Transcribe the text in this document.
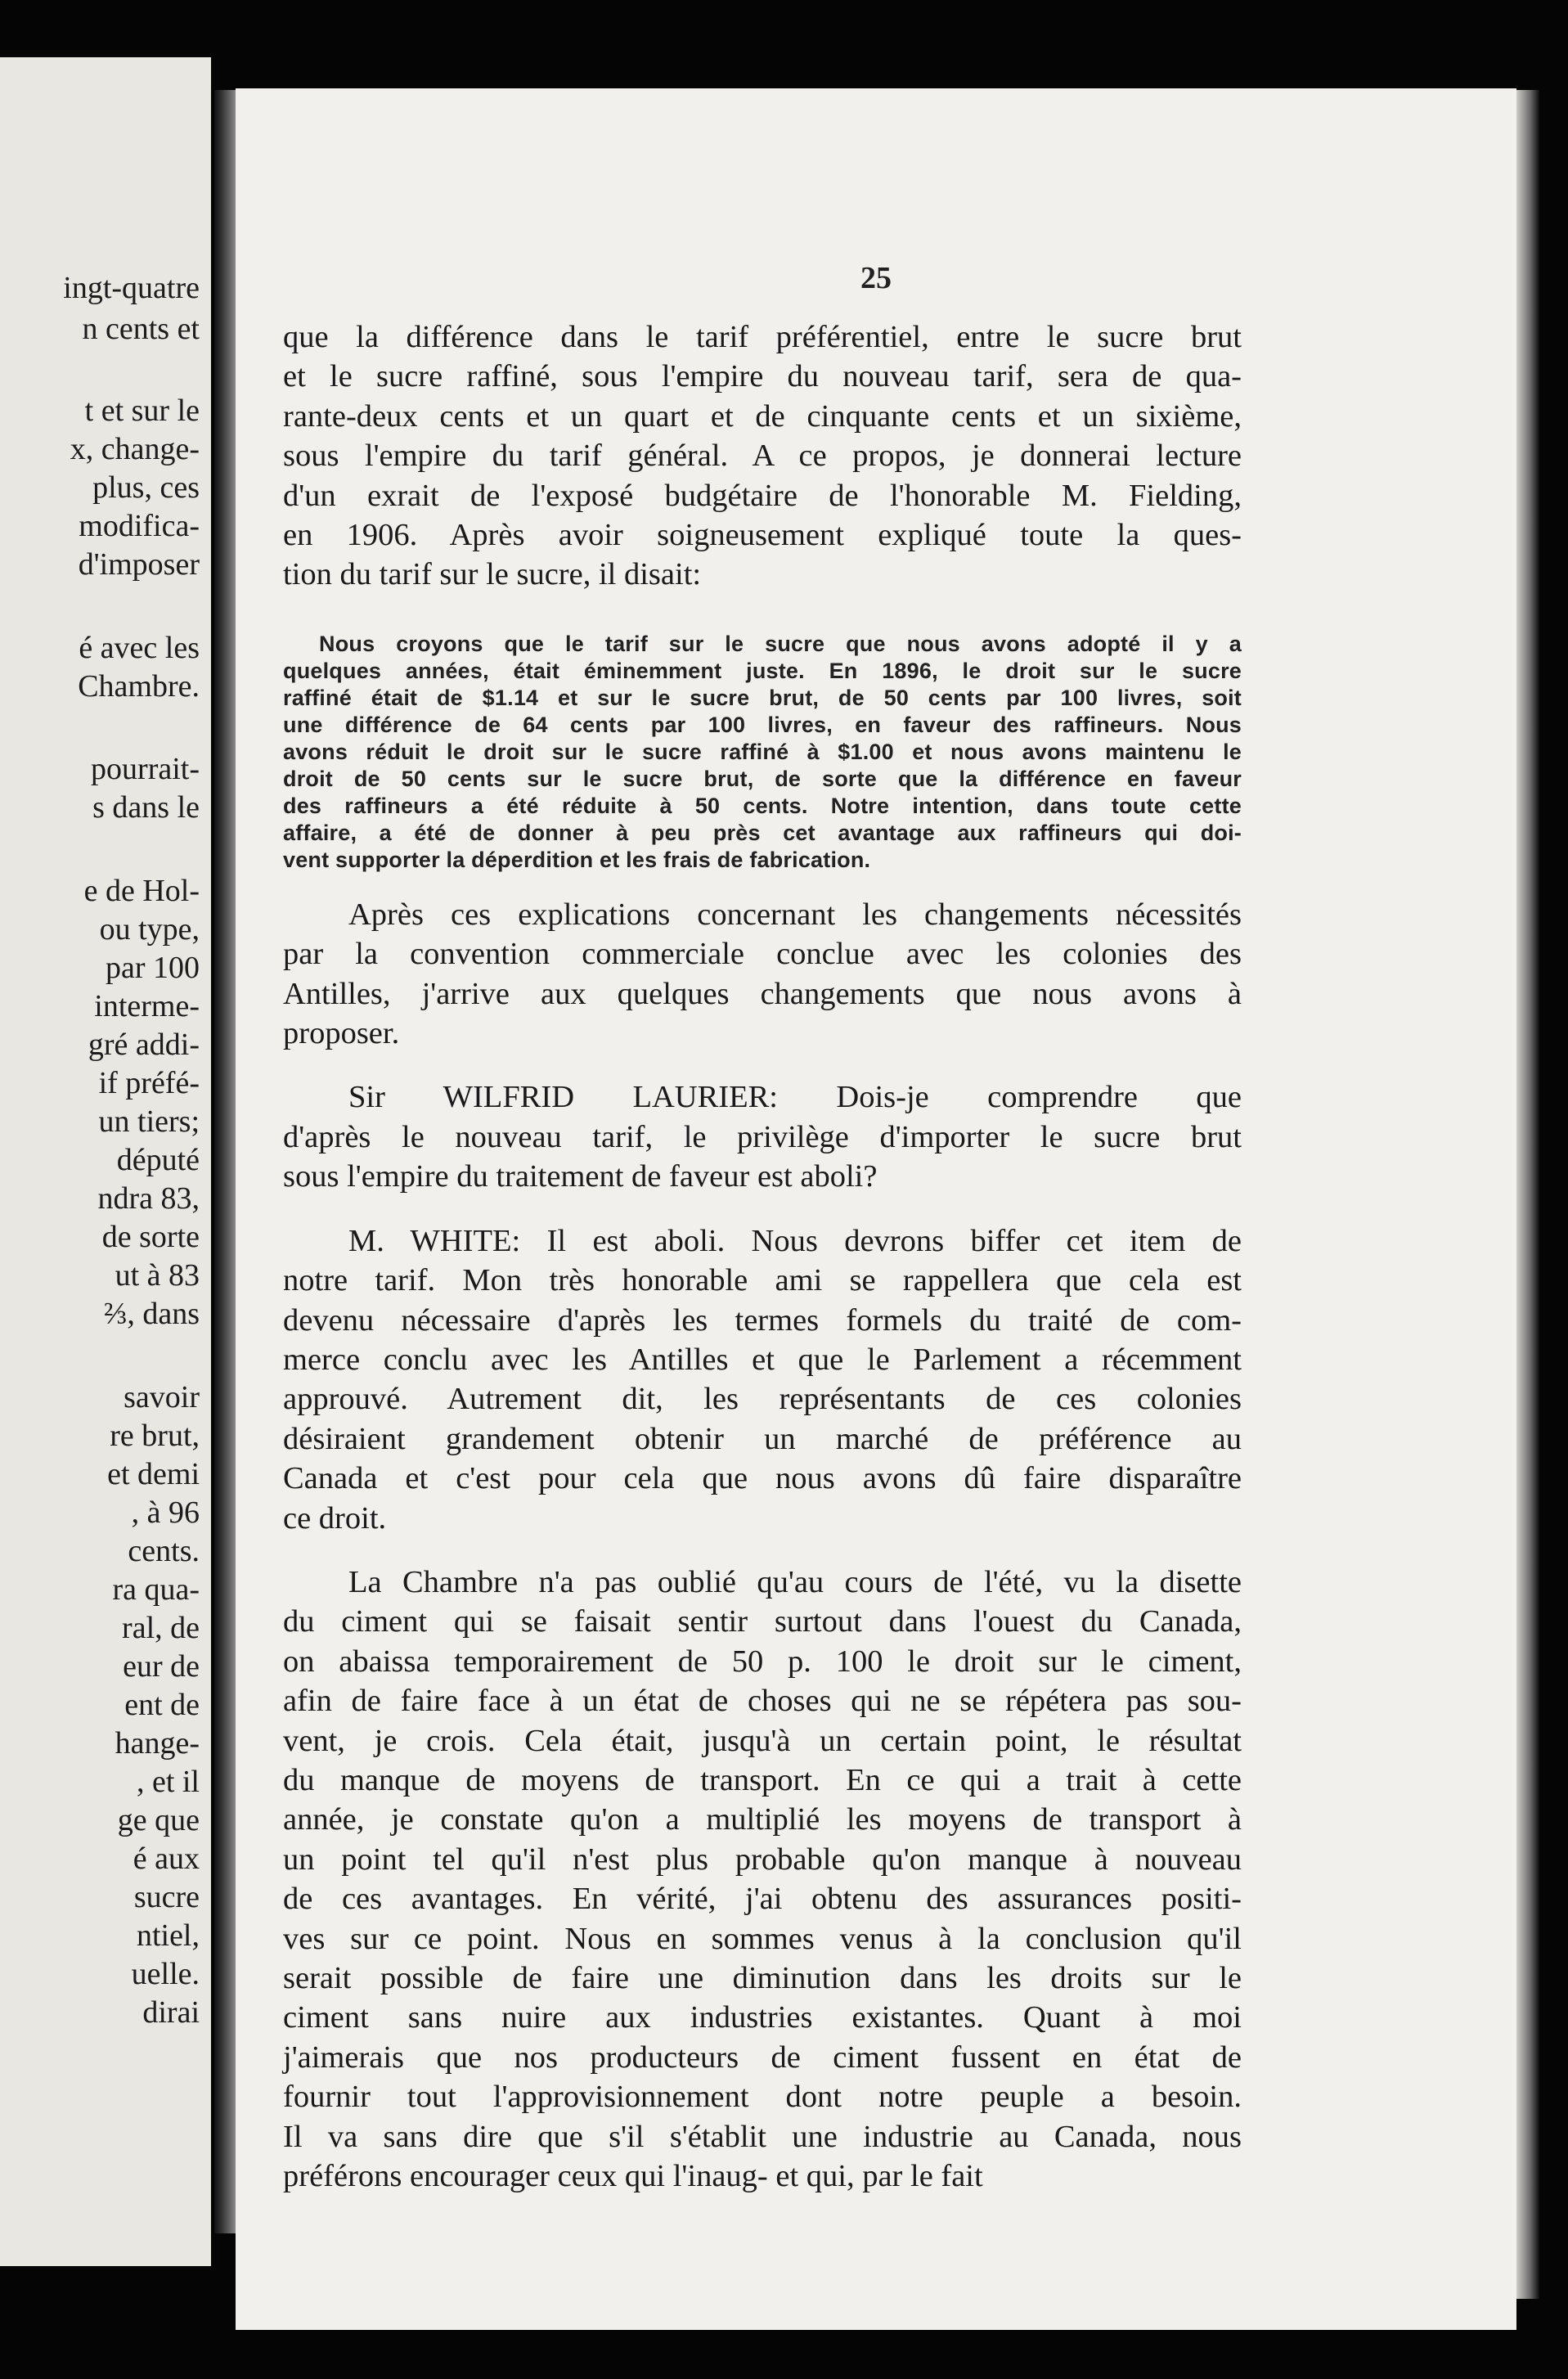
ingt-quatre
n cents et
t et sur le
x, change-
plus, ces
modifica-
d'imposer
é avec les
Chambre.
pourrait-
s dans le
e de Hol-
ou type,
par 100
interme-
gré addi-
if préfé-
un tiers;
député
ndra 83,
de sorte
ut à 83
⅔, dans
savoir
re brut,
et demi
, à 96
cents.
ra qua-
ral, de
eur de
ent de
hange-
, et il
ge que
é aux
sucre
ntiel,
uelle.
dirai
25
que la différence dans le tarif préférentiel, entre le sucre brut
et le sucre raffiné, sous l'empire du nouveau tarif, sera de qua-
rante-deux cents et un quart et de cinquante cents et un sixième,
sous l'empire du tarif général. A ce propos, je donnerai lecture
d'un exrait de l'exposé budgétaire de l'honorable M. Fielding,
en 1906. Après avoir soigneusement expliqué toute la ques-
tion du tarif sur le sucre, il disait:
Nous croyons que le tarif sur le sucre que nous avons adopté il y a
quelques années, était éminemment juste. En 1896, le droit sur le sucre
raffiné était de $1.14 et sur le sucre brut, de 50 cents par 100 livres, soit
une différence de 64 cents par 100 livres, en faveur des raffineurs. Nous
avons réduit le droit sur le sucre raffiné à $1.00 et nous avons maintenu le
droit de 50 cents sur le sucre brut, de sorte que la différence en faveur
des raffineurs a été réduite à 50 cents. Notre intention, dans toute cette
affaire, a été de donner à peu près cet avantage aux raffineurs qui doi-
vent supporter la déperdition et les frais de fabrication.
Après ces explications concernant les changements nécessités
par la convention commerciale conclue avec les colonies des
Antilles, j'arrive aux quelques changements que nous avons à
proposer.
Sir WILFRID LAURIER: Dois-je comprendre que
d'après le nouveau tarif, le privilège d'importer le sucre brut
sous l'empire du traitement de faveur est aboli?
M. WHITE: Il est aboli. Nous devrons biffer cet item de
notre tarif. Mon très honorable ami se rappellera que cela est
devenu nécessaire d'après les termes formels du traité de com-
merce conclu avec les Antilles et que le Parlement a récemment
approuvé. Autrement dit, les représentants de ces colonies
désiraient grandement obtenir un marché de préférence au
Canada et c'est pour cela que nous avons dû faire disparaître
ce droit.
La Chambre n'a pas oublié qu'au cours de l'été, vu la disette
du ciment qui se faisait sentir surtout dans l'ouest du Canada,
on abaissa temporairement de 50 p. 100 le droit sur le ciment,
afin de faire face à un état de choses qui ne se répétera pas sou-
vent, je crois. Cela était, jusqu'à un certain point, le résultat
du manque de moyens de transport. En ce qui a trait à cette
année, je constate qu'on a multiplié les moyens de transport à
un point tel qu'il n'est plus probable qu'on manque à nouveau
de ces avantages. En vérité, j'ai obtenu des assurances positi-
ves sur ce point. Nous en sommes venus à la conclusion qu'il
serait possible de faire une diminution dans les droits sur le
ciment sans nuire aux industries existantes. Quant à moi
j'aimerais que nos producteurs de ciment fussent en état de
fournir tout l'approvisionnement dont notre peuple a besoin.
Il va sans dire que s'il s'établit une industrie au Canada, nous
préférons encourager ceux qui l'inaug- et qui, par le fait
